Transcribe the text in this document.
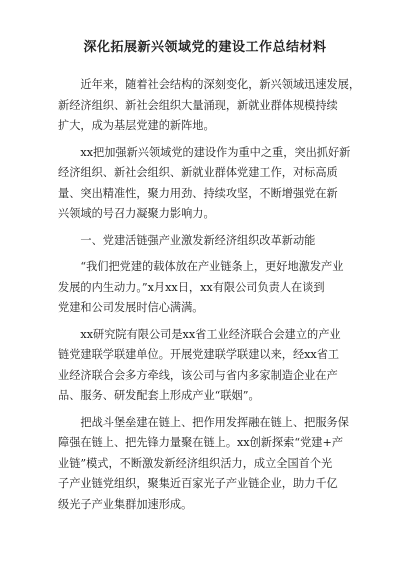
深化拓展新兴领域党的建设工作总结材料
近年来，随着社会结构的深刻变化，新兴领域迅速发展，
新经济组织、新社会组织大量涌现，新就业群体规模持续
扩大，成为基层党建的新阵地。
xx把加强新兴领域党的建设作为重中之重，突出抓好新
经济组织、新社会组织、新就业群体党建工作，对标高质
量、突出精准性，聚力用劲、持续攻坚，不断增强党在新
兴领域的号召力凝聚力影响力。
一、党建活链强产业激发新经济组织改革新动能
“我们把党建的载体放在产业链条上，更好地激发产业
发展的内生动力。”x月xx日，xx有限公司负责人在谈到
党建和公司发展时信心满满。
xx研究院有限公司是xx省工业经济联合会建立的产业
链党建联学联建单位。开展党建联学联建以来，经xx省工
业经济联合会多方牵线，该公司与省内多家制造企业在产
品、服务、研发配套上形成产业“联姻”。
把战斗堡垒建在链上、把作用发挥融在链上、把服务保
障强在链上、把先锋力量聚在链上。xx创新探索“党建+产
业链”模式，不断激发新经济组织活力，成立全国首个光
子产业链党组织，聚集近百家光子产业链企业，助力千亿
级光子产业集群加速形成。
